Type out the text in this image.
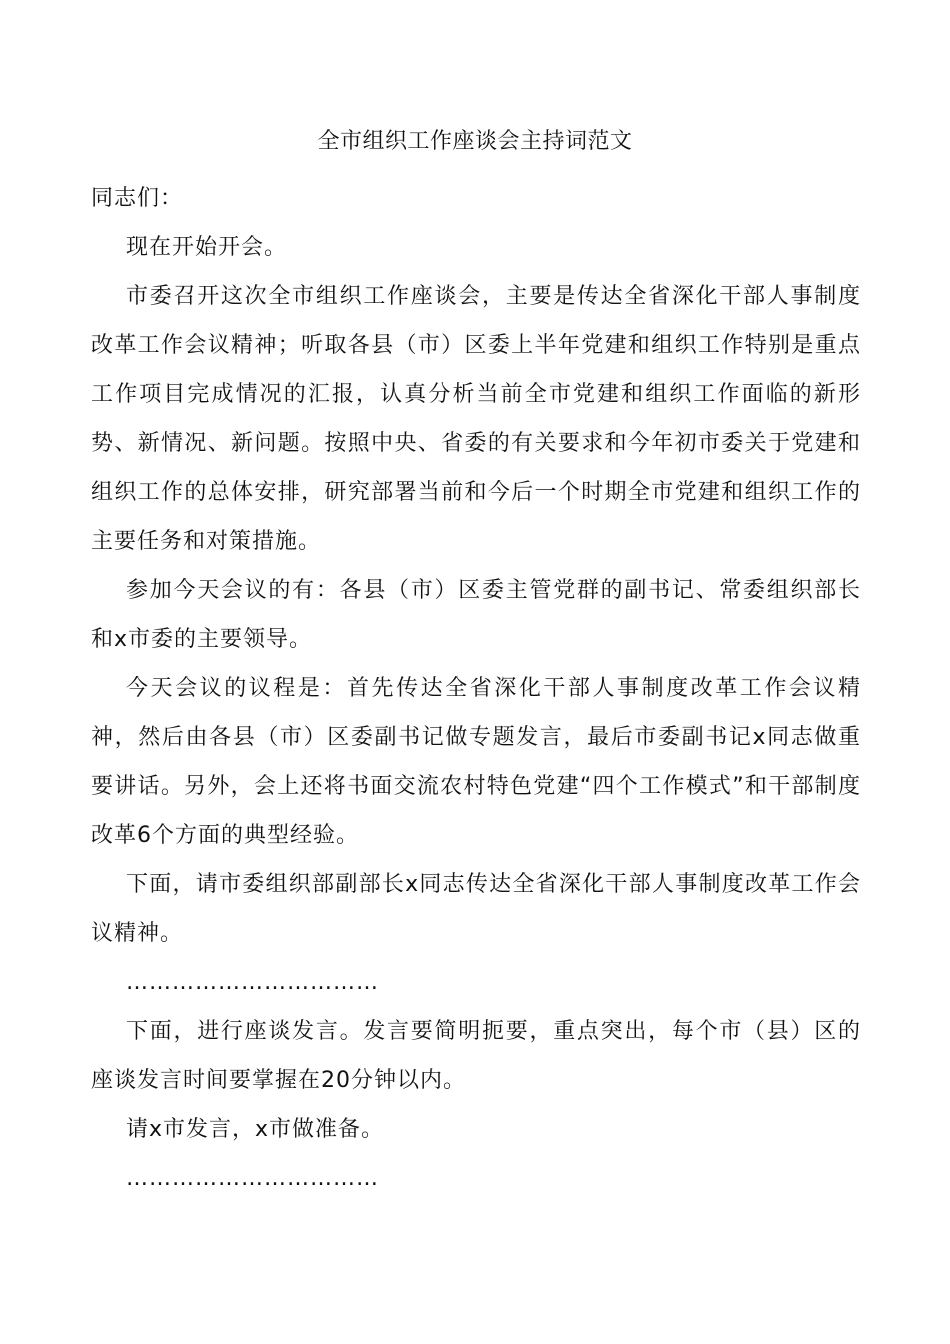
全市组织工作座谈会主持词范文

同志们：

现在开始开会。

市委召开这次全市组织工作座谈会，主要是传达全省深化干部人事制度改革工作会议精神；听取各县（市）区委上半年党建和组织工作特别是重点工作项目完成情况的汇报，认真分析当前全市党建和组织工作面临的新形势、新情况、新问题。按照中央、省委的有关要求和今年初市委关于党建和组织工作的总体安排，研究部署当前和今后一个时期全市党建和组织工作的主要任务和对策措施。

参加今天会议的有：各县（市）区委主管党群的副书记、常委组织部长和x市委的主要领导。

今天会议的议程是：首先传达全省深化干部人事制度改革工作会议精神，然后由各县（市）区委副书记做专题发言，最后市委副书记x同志做重要讲话。另外，会上还将书面交流农村特色党建“四个工作模式”和干部制度改革6个方面的典型经验。

下面，请市委组织部副部长x同志传达全省深化干部人事制度改革工作会议精神。

……………………………

下面，进行座谈发言。发言要简明扼要，重点突出，每个市（县）区的座谈发言时间要掌握在20分钟以内。

请x市发言，x市做准备。

……………………………
